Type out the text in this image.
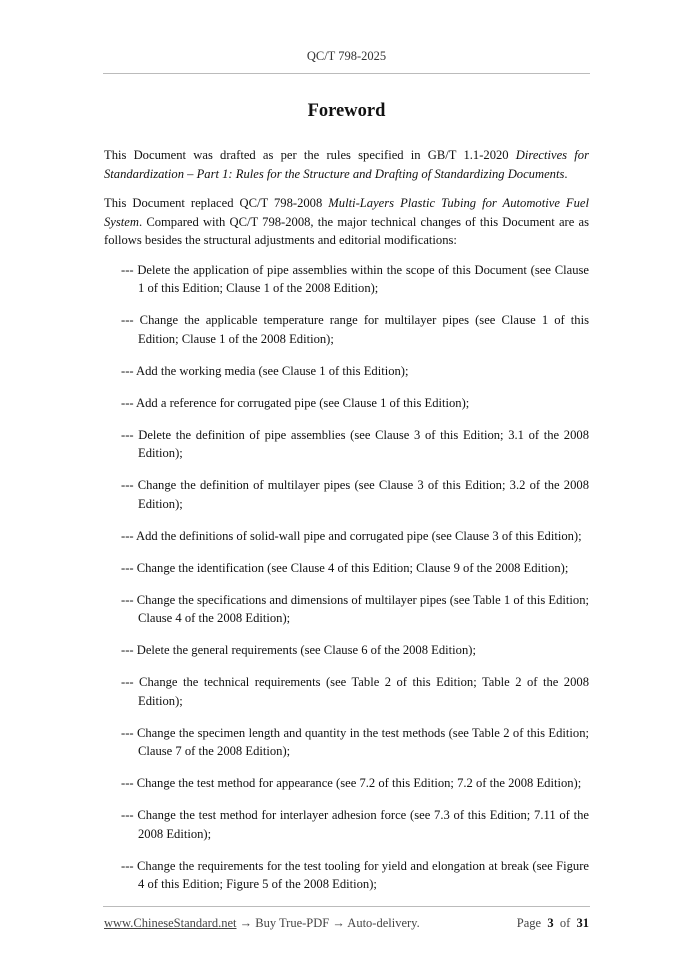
QC/T 798-2025
Foreword

This Document was drafted as per the rules specified in GB/T 1.1-2020 Directives for Standardization – Part 1: Rules for the Structure and Drafting of Standardizing Documents.

This Document replaced QC/T 798-2008 Multi-Layers Plastic Tubing for Automotive Fuel System. Compared with QC/T 798-2008, the major technical changes of this Document are as follows besides the structural adjustments and editorial modifications:

--- Delete the application of pipe assemblies within the scope of this Document (see Clause 1 of this Edition; Clause 1 of the 2008 Edition);
--- Change the applicable temperature range for multilayer pipes (see Clause 1 of this Edition; Clause 1 of the 2008 Edition);
--- Add the working media (see Clause 1 of this Edition);
--- Add a reference for corrugated pipe (see Clause 1 of this Edition);
--- Delete the definition of pipe assemblies (see Clause 3 of this Edition; 3.1 of the 2008 Edition);
--- Change the definition of multilayer pipes (see Clause 3 of this Edition; 3.2 of the 2008 Edition);
--- Add the definitions of solid-wall pipe and corrugated pipe (see Clause 3 of this Edition);
--- Change the identification (see Clause 4 of this Edition; Clause 9 of the 2008 Edition);
--- Change the specifications and dimensions of multilayer pipes (see Table 1 of this Edition; Clause 4 of the 2008 Edition);
--- Delete the general requirements (see Clause 6 of the 2008 Edition);
--- Change the technical requirements (see Table 2 of this Edition; Table 2 of the 2008 Edition);
--- Change the specimen length and quantity in the test methods (see Table 2 of this Edition; Clause 7 of the 2008 Edition);
--- Change the test method for appearance (see 7.2 of this Edition; 7.2 of the 2008 Edition);
--- Change the test method for interlayer adhesion force (see 7.3 of this Edition; 7.11 of the 2008 Edition);
--- Change the requirements for the test tooling for yield and elongation at break (see Figure 4 of this Edition; Figure 5 of the 2008 Edition);
www.ChineseStandard.net → Buy True-PDF → Auto-delivery.	Page 3 of 31
